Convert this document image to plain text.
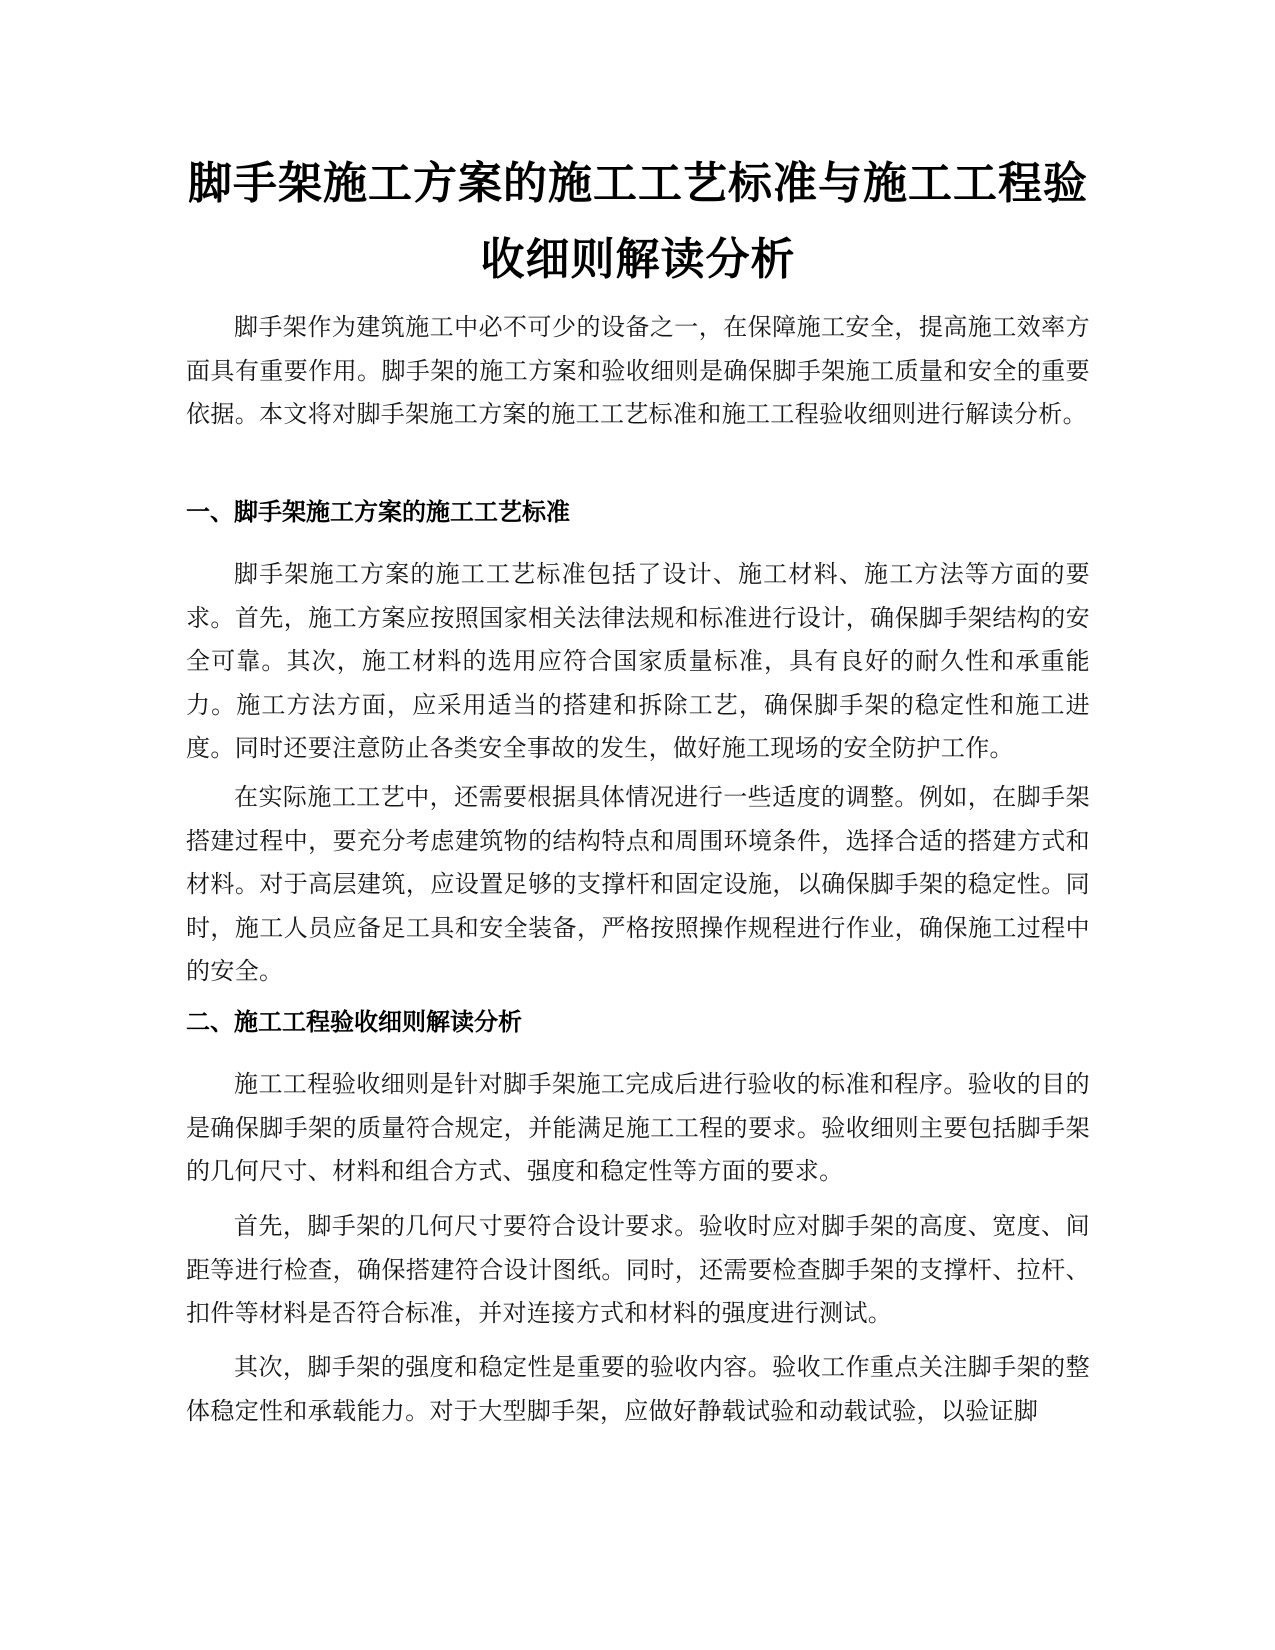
脚手架施工方案的施工工艺标准与施工工程验收细则解读分析

脚手架作为建筑施工中必不可少的设备之一，在保障施工安全，提高施工效率方面具有重要作用。脚手架的施工方案和验收细则是确保脚手架施工质量和安全的重要依据。本文将对脚手架施工方案的施工工艺标准和施工工程验收细则进行解读分析。

一、脚手架施工方案的施工工艺标准

脚手架施工方案的施工工艺标准包括了设计、施工材料、施工方法等方面的要求。首先，施工方案应按照国家相关法律法规和标准进行设计，确保脚手架结构的安全可靠。其次，施工材料的选用应符合国家质量标准，具有良好的耐久性和承重能力。施工方法方面，应采用适当的搭建和拆除工艺，确保脚手架的稳定性和施工进度。同时还要注意防止各类安全事故的发生，做好施工现场的安全防护工作。

在实际施工工艺中，还需要根据具体情况进行一些适度的调整。例如，在脚手架搭建过程中，要充分考虑建筑物的结构特点和周围环境条件，选择合适的搭建方式和材料。对于高层建筑，应设置足够的支撑杆和固定设施，以确保脚手架的稳定性。同时，施工人员应备足工具和安全装备，严格按照操作规程进行作业，确保施工过程中的安全。

二、施工工程验收细则解读分析

施工工程验收细则是针对脚手架施工完成后进行验收的标准和程序。验收的目的是确保脚手架的质量符合规定，并能满足施工工程的要求。验收细则主要包括脚手架的几何尺寸、材料和组合方式、强度和稳定性等方面的要求。

首先，脚手架的几何尺寸要符合设计要求。验收时应对脚手架的高度、宽度、间距等进行检查，确保搭建符合设计图纸。同时，还需要检查脚手架的支撑杆、拉杆、扣件等材料是否符合标准，并对连接方式和材料的强度进行测试。

其次，脚手架的强度和稳定性是重要的验收内容。验收工作重点关注脚手架的整体稳定性和承载能力。对于大型脚手架，应做好静载试验和动载试验，以验证脚
